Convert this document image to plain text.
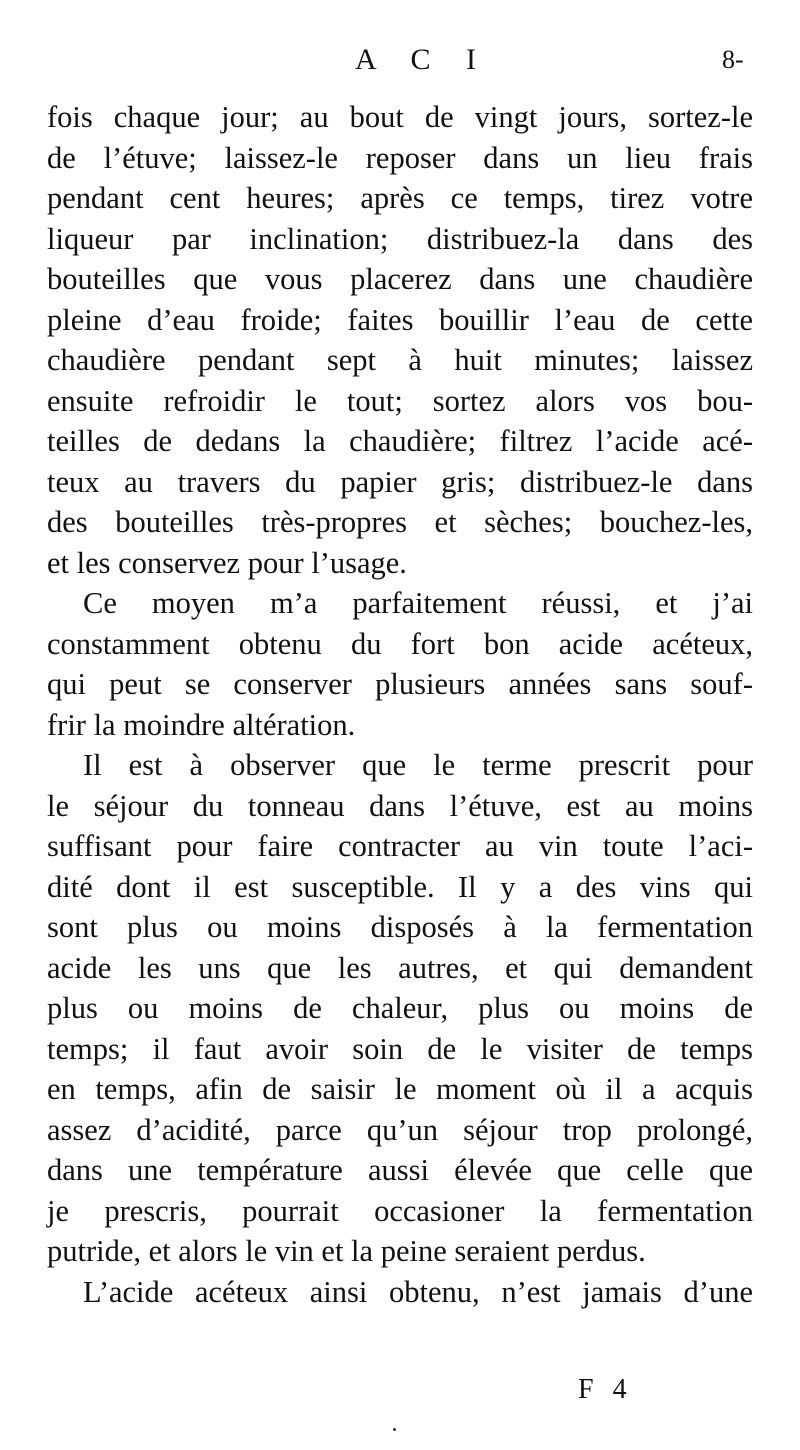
A C I	8-
fois chaque jour; au bout de vingt jours, sortez-le
de l’étuve; laissez-le reposer dans un lieu frais
pendant cent heures; après ce temps, tirez votre
liqueur par inclination; distribuez-la dans des
bouteilles que vous placerez dans une chaudière
pleine d’eau froide; faites bouillir l’eau de cette
chaudière pendant sept à huit minutes; laissez
ensuite refroidir le tout; sortez alors vos bou-
teilles de dedans la chaudière; filtrez l’acide acé-
teux au travers du papier gris; distribuez-le dans
des bouteilles très-propres et sèches; bouchez-les,
et les conservez pour l’usage.
Ce moyen m’a parfaitement réussi, et j’ai
constamment obtenu du fort bon acide acéteux,
qui peut se conserver plusieurs années sans souf-
frir la moindre altération.
Il est à observer que le terme prescrit pour
le séjour du tonneau dans l’étuve, est au moins
suffisant pour faire contracter au vin toute l’aci-
dité dont il est susceptible. Il y a des vins qui
sont plus ou moins disposés à la fermentation
acide les uns que les autres, et qui demandent
plus ou moins de chaleur, plus ou moins de
temps; il faut avoir soin de le visiter de temps
en temps, afin de saisir le moment où il a acquis
assez d’acidité, parce qu’un séjour trop prolongé,
dans une température aussi élevée que celle que
je prescris, pourrait occasioner la fermentation
putride, et alors le vin et la peine seraient perdus.
L’acide acéteux ainsi obtenu, n’est jamais d’une
F 4
